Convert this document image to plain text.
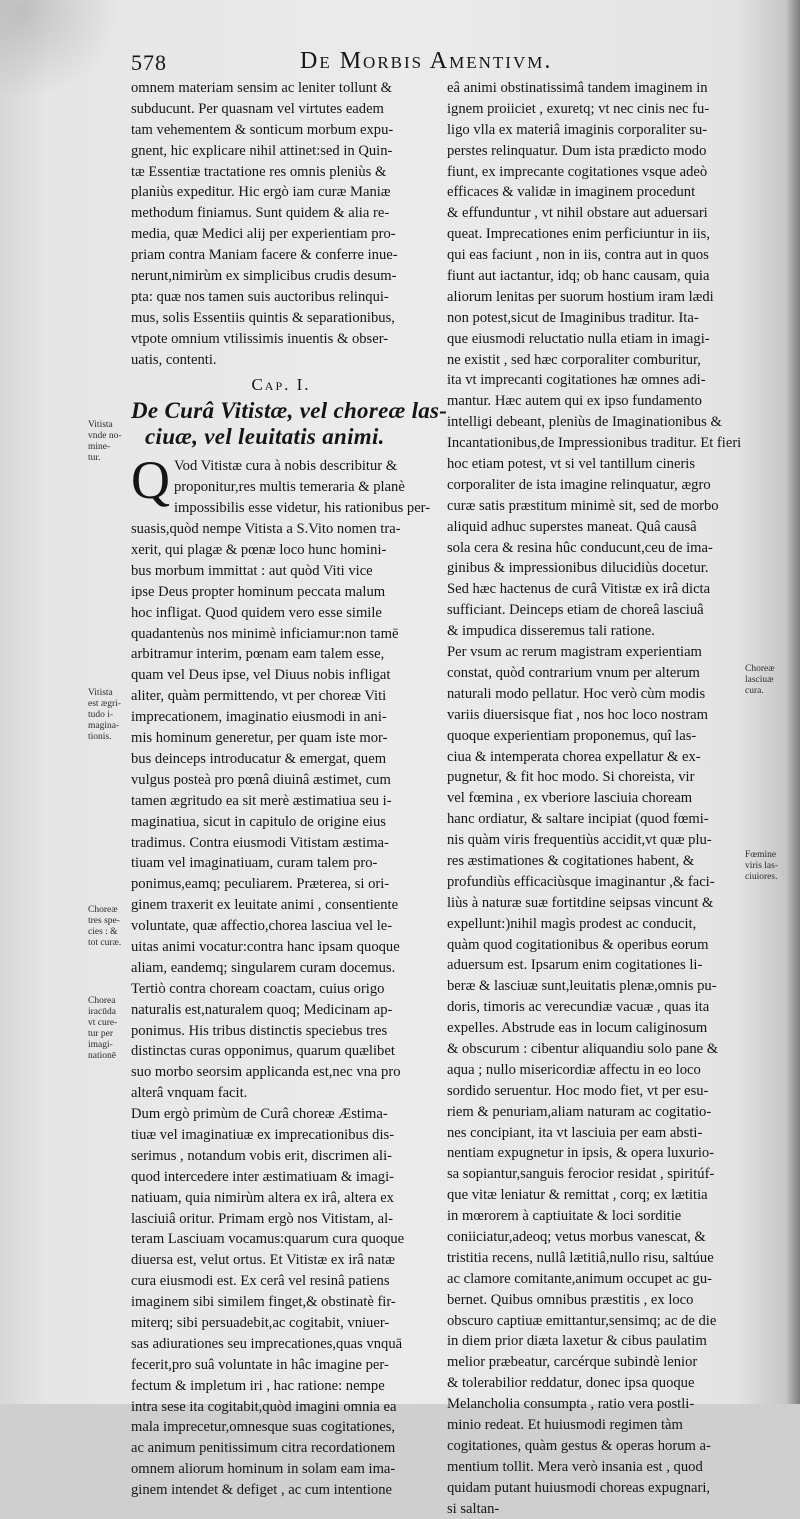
578	De Morbis Amentivm.
omnem materiam sensim ac leniter tollunt &
subducunt. Per quasnam vel virtutes eadem
tam vehementem & sonticum morbum expu-
gnent, hic explicare nihil attinet:sed in Quin-
tæ Essentiæ tractatione res omnis pleniùs &
planiùs expeditur. Hic ergò iam curæ Maniæ
methodum finiamus. Sunt quidem & alia re-
media, quæ Medici alij per experientiam pro-
priam contra Maniam facere & conferre inue-
nerunt,nimirùm ex simplicibus crudis desum-
pta: quæ nos tamen suis auctoribus relinqui-
mus, solis Essentiis quintis & separationibus,
vtpote omnium vtilissimis inuentis & obser-
uatis, contenti.
Cap. I.
De Curâ Vitistæ, vel choreæ las-
ciuæ, vel leuitatis animi.
Q Vod Vitistæ cura à nobis describitur &
proponitur,res multis temeraria & planè
impossibilis esse videtur, his rationibus per-
suasis,quòd nempe Vitista a S.Vito nomen tra-
xerit, qui plagæ & pœnæ loco hunc homini-
bus morbum immittat : aut quòd Viti vice
ipse Deus propter hominum peccata malum
hoc infligat. Quod quidem vero esse simile
quadantenùs nos minimè inficiamur:non tamē
arbitramur interim, pœnam eam talem esse,
quam vel Deus ipse, vel Diuus nobis infligat
aliter, quàm permittendo, vt per choreæ Viti
imprecationem, imaginatio eiusmodi in ani-
mis hominum generetur, per quam iste mor-
bus deinceps introducatur & emergat, quem
vulgus posteà pro pœnâ diuinâ æstimet, cum
tamen ægritudo ea sit merè æstimatiua seu i-
maginatiua, sicut in capitulo de origine eius
tradimus. Contra eiusmodi Vitistam æstima-
tiuam vel imaginatiuam, curam talem pro-
ponimus,eamq; peculiarem. Præterea, si ori-
ginem traxerit ex leuitate animi , consentiente
voluntate, quæ affectio,chorea lasciua vel le-
uitas animi vocatur:contra hanc ipsam quoque
aliam, eandemq; singularem curam docemus.
Tertiò contra choream coactam, cuius origo
naturalis est,naturalem quoq; Medicinam ap-
ponimus. His tribus distinctis speciebus tres
distinctas curas opponimus, quarum quælibet
suo morbo seorsim applicanda est,nec vna pro
alterâ vnquam facit.
Dum ergò primùm de Curâ choreæ Æstima-
tiuæ vel imaginatiuæ ex imprecationibus dis-
serimus , notandum vobis erit, discrimen ali-
quod intercedere inter æstimatiuam & imagi-
natiuam, quia nimirùm altera ex irâ, altera ex
lasciuiâ oritur. Primam ergò nos Vitistam, al-
teram Lasciuam vocamus:quarum cura quoque
diuersa est, velut ortus. Et Vitistæ ex irâ natæ
cura eiusmodi est. Ex cerâ vel resinâ patiens
imaginem sibi similem finget,& obstinatè fir-
miterq; sibi persuadebit,ac cogitabit, vniuer-
sas adiurationes seu imprecationes,quas vnquā
fecerit,pro suâ voluntate in hâc imagine per-
fectum & impletum iri , hac ratione: nempe
intra sese ita cogitabit,quòd imagini omnia ea
mala imprecetur,omnesque suas cogitationes,
ac animum penitissimum citra recordationem
omnem aliorum hominum in solam eam ima-
ginem intendet & defiget , ac cum intentione
eâ animi obstinatissimâ tandem imaginem in
ignem proiiciet , exuretq; vt nec cinis nec fu-
ligo vlla ex materiâ imaginis corporaliter su-
perstes relinquatur. Dum ista prædicto modo
fiunt, ex imprecante cogitationes vsque adeò
efficaces & validæ in imaginem procedunt
& effunduntur , vt nihil obstare aut aduersari
queat. Imprecationes enim perficiuntur in iis,
qui eas faciunt , non in iis, contra aut in quos
fiunt aut iactantur, idq; ob hanc causam, quia
aliorum lenitas per suorum hostium iram lædi
non potest,sicut de Imaginibus traditur. Ita-
que eiusmodi reluctatio nulla etiam in imagi-
ne existit , sed hæc corporaliter comburitur,
ita vt imprecanti cogitationes hæ omnes adi-
mantur. Hæc autem qui ex ipso fundamento
intelligi debeant, pleniùs de Imaginationibus &
Incantationibus,de Impressionibus traditur. Et fieri
hoc etiam potest, vt si vel tantillum cineris
corporaliter de ista imagine relinquatur, ægro
curæ satis præstitum minimè sit, sed de morbo
aliquid adhuc superstes maneat. Quâ causâ
sola cera & resina hûc conducunt,ceu de ima-
ginibus & impressionibus dilucidiùs docetur.
Sed hæc hactenus de curâ Vitistæ ex irâ dicta
sufficiant. Deinceps etiam de choreâ lasciuâ
& impudica disseremus tali ratione.
Per vsum ac rerum magistram experientiam
constat, quòd contrarium vnum per alterum
naturali modo pellatur. Hoc verò cùm modis
variis diuersisque fiat , nos hoc loco nostram
quoque experientiam proponemus, quî las-
ciua & intemperata chorea expellatur & ex-
pugnetur, & fit hoc modo. Si choreista, vir
vel fœmina , ex vberiore lasciuia choream
hanc ordiatur, & saltare incipiat (quod fœmi-
nis quàm viris frequentiùs accidit,vt quæ plu-
res æstimationes & cogitationes habent, &
profundiùs efficaciùsque imaginantur ,& faci-
liùs à naturæ suæ fortitdine seipsas vincunt &
expellunt:)nihil magìs prodest ac conducit,
quàm quod cogitationibus & operibus eorum
aduersum est. Ipsarum enim cogitationes li-
beræ & lasciuæ sunt,leuitatis plenæ,omnis pu-
doris, timoris ac verecundiæ vacuæ , quas ita
expelles. Abstrude eas in locum caliginosum
& obscurum : cibentur aliquandiu solo pane &
aqua ; nullo misericordiæ affectu in eo loco
sordido seruentur. Hoc modo fiet, vt per esu-
riem & penuriam,aliam naturam ac cogitatio-
nes concipiant, ita vt lasciuia per eam absti-
nentiam expugnetur in ipsis, & opera luxurio-
sa sopiantur,sanguis ferocior residat , spiritúf-
que vitæ leniatur & remittat , corq; ex lætitia
in mœrorem à captiuitate & loci sorditie
coniiciatur,adeoq; vetus morbus vanescat, &
tristitia recens, nullâ lætitiâ,nullo risu, saltúue
ac clamore comitante,animum occupet ac gu-
bernet. Quibus omnibus præstitis , ex loco
obscuro captiuæ emittantur,sensimq; ac de die
in diem prior diæta laxetur & cibus paulatim
melior præbeatur, carcérque subindè lenior
& tolerabilior reddatur, donec ipsa quoque
Melancholia consumpta , ratio vera postli-
minio redeat. Et huiusmodi regimen tàm
cogitationes, quàm gestus & operas horum a-
mentium tollit. Mera verò insania est , quod
quidam putant huiusmodi choreas expugnari,
si saltan-
Vitista
vnde no-
mine-
tur.
Vitista
est ægri-
tudo i-
magina-
tionis.
Choreæ
tres spe-
cies : &
tot curæ.
Chorea
iracūda
vt cure-
tur per
imagi-
nationē
Choreæ
lasciuæ
cura.
Fœmine
viris las-
ciuiores.
